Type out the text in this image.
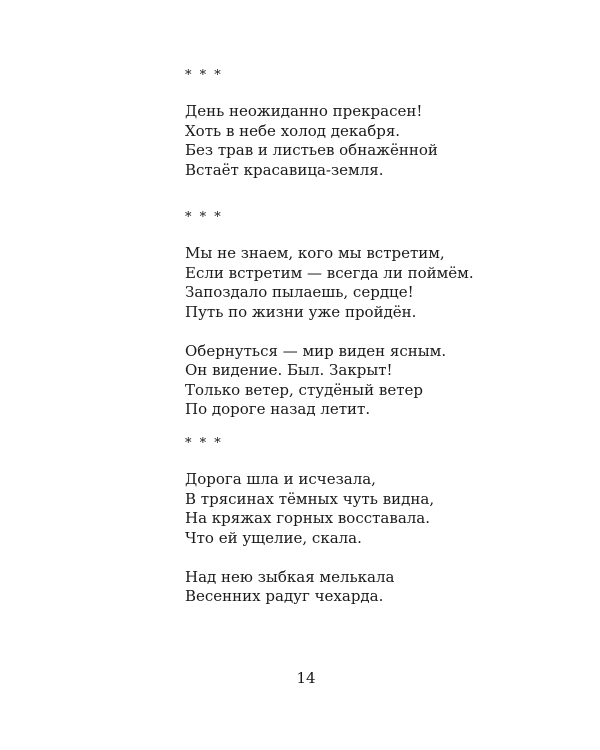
* * *
День неожиданно прекрасен!
Хоть в небе холод декабря.
Без трав и листьев обнажённой
Встаёт красавица-земля.
* * *
Мы не знаем, кого мы встретим,
Если встретим — всегда ли поймём.
Запоздало пылаешь, сердце!
Путь по жизни уже пройдён.
Обернуться — мир виден ясным.
Он видение. Был. Закрыт!
Только ветер, студёный ветер
По дороге назад летит.
* * *
Дорога шла и исчезала,
В трясинах тёмных чуть видна,
На кряжах горных восставала.
Что ей ущелие, скала.
Над нею зыбкая мелькала
Весенних радуг чехарда.
14
